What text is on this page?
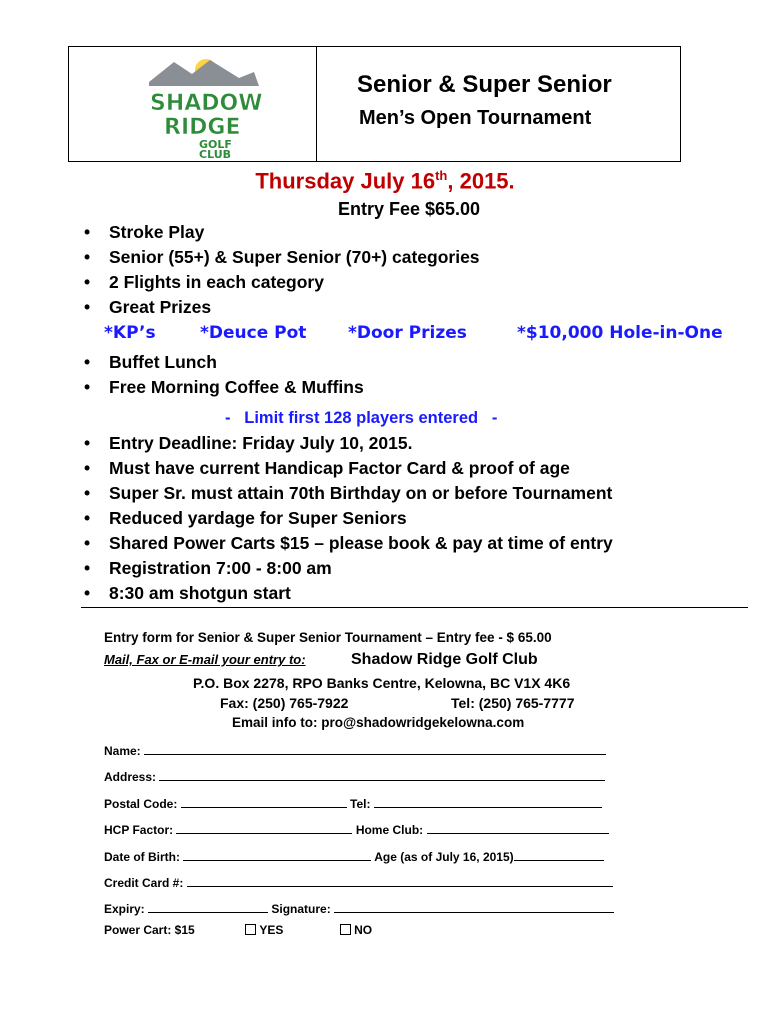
SHADOW
RIDGE
GOLF
CLUB
Senior & Super Senior
Men’s Open Tournament
Thursday July 16th, 2015.
Entry Fee $65.00
• Stroke Play
• Senior (55+) & Super Senior (70+) categories
• 2 Flights in each category
• Great Prizes
*KP’s	*Deuce Pot *Door Prizes	*$10,000 Hole-in-One
• Buffet Lunch
• Free Morning Coffee & Muffins
- Limit first 128 players entered -
• Entry Deadline: Friday July 10, 2015.
• Must have current Handicap Factor Card & proof of age
• Super Sr. must attain 70th Birthday on or before Tournament
• Reduced yardage for Super Seniors
• Shared Power Carts $15 – please book & pay at time of entry
• Registration 7:00 - 8:00 am
• 8:30 am shotgun start
Entry form for Senior & Super Senior Tournament – Entry fee - $ 65.00
Mail, Fax or E-mail your entry to:	Shadow Ridge Golf Club
P.O. Box 2278, RPO Banks Centre, Kelowna, BC V1X 4K6
Fax: (250) 765-7922	Tel: (250) 765-7777
Email info to: pro@shadowridgekelowna.com
Name:
Address:
Postal Code:	Tel:
HCP Factor:	Home Club:
Date of Birth:	Age (as of July 16, 2015)
Credit Card #:
Expiry:	Signature:
Power Cart: $15	YES	NO
